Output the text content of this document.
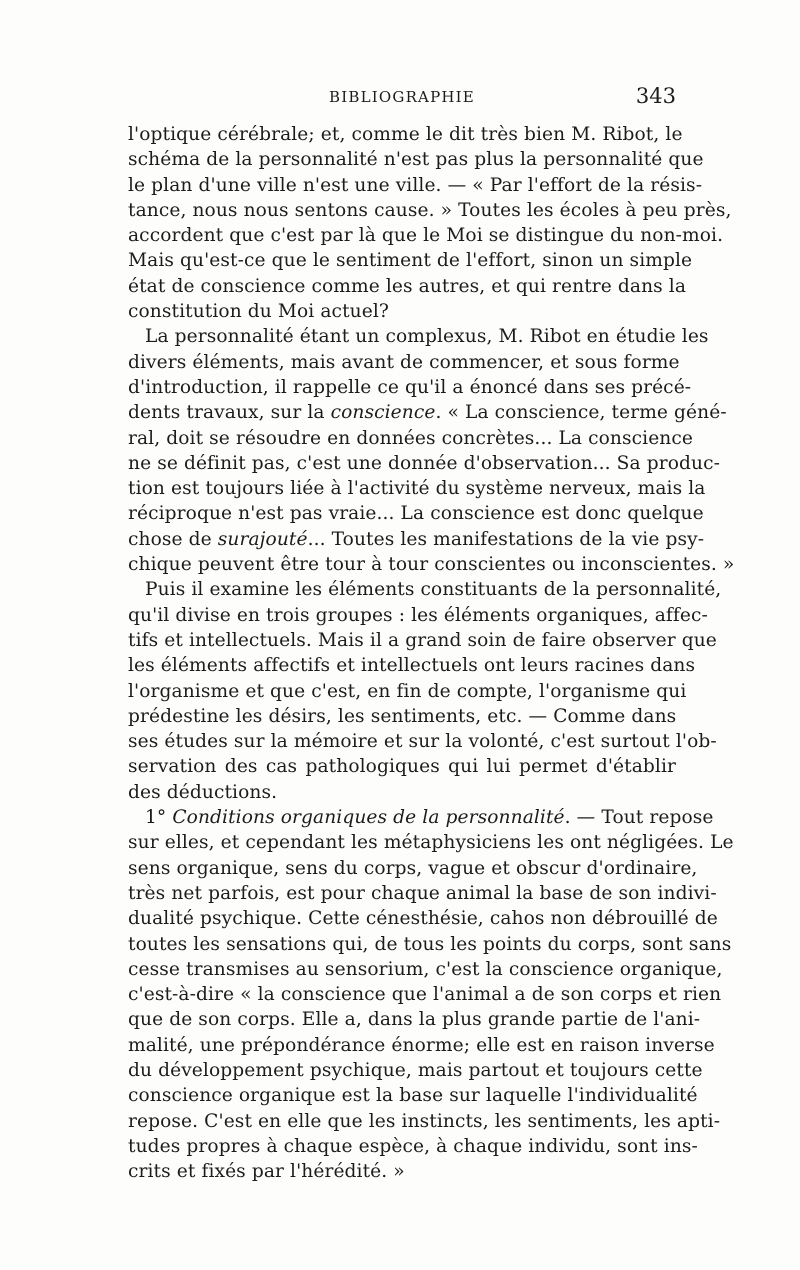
BIBLIOGRAPHIE	343
l'optique cérébrale; et, comme le dit très bien M. Ribot, le
schéma de la personnalité n'est pas plus la personnalité que
le plan d'une ville n'est une ville. — « Par l'effort de la résis-
tance, nous nous sentons cause. » Toutes les écoles à peu près,
accordent que c'est par là que le Moi se distingue du non-moi.
Mais qu'est-ce que le sentiment de l'effort, sinon un simple
état de conscience comme les autres, et qui rentre dans la
constitution du Moi actuel?
La personnalité étant un complexus, M. Ribot en étudie les
divers éléments, mais avant de commencer, et sous forme
d'introduction, il rappelle ce qu'il a énoncé dans ses précé-
dents travaux, sur la conscience. « La conscience, terme géné-
ral, doit se résoudre en données concrètes... La conscience
ne se définit pas, c'est une donnée d'observation... Sa produc-
tion est toujours liée à l'activité du système nerveux, mais la
réciproque n'est pas vraie... La conscience est donc quelque
chose de surajouté... Toutes les manifestations de la vie psy-
chique peuvent être tour à tour conscientes ou inconscientes. »
Puis il examine les éléments constituants de la personnalité,
qu'il divise en trois groupes : les éléments organiques, affec-
tifs et intellectuels. Mais il a grand soin de faire observer que
les éléments affectifs et intellectuels ont leurs racines dans
l'organisme et que c'est, en fin de compte, l'organisme qui
prédestine les désirs, les sentiments, etc. — Comme dans
ses études sur la mémoire et sur la volonté, c'est surtout l'ob-
servation des cas pathologiques qui lui permet d'établir
des déductions.
1° Conditions organiques de la personnalité. — Tout repose
sur elles, et cependant les métaphysiciens les ont négligées. Le
sens organique, sens du corps, vague et obscur d'ordinaire,
très net parfois, est pour chaque animal la base de son indivi-
dualité psychique. Cette cénesthésie, cahos non débrouillé de
toutes les sensations qui, de tous les points du corps, sont sans
cesse transmises au sensorium, c'est la conscience organique,
c'est-à-dire « la conscience que l'animal a de son corps et rien
que de son corps. Elle a, dans la plus grande partie de l'ani-
malité, une prépondérance énorme; elle est en raison inverse
du développement psychique, mais partout et toujours cette
conscience organique est la base sur laquelle l'individualité
repose. C'est en elle que les instincts, les sentiments, les apti-
tudes propres à chaque espèce, à chaque individu, sont ins-
crits et fixés par l'hérédité. »
